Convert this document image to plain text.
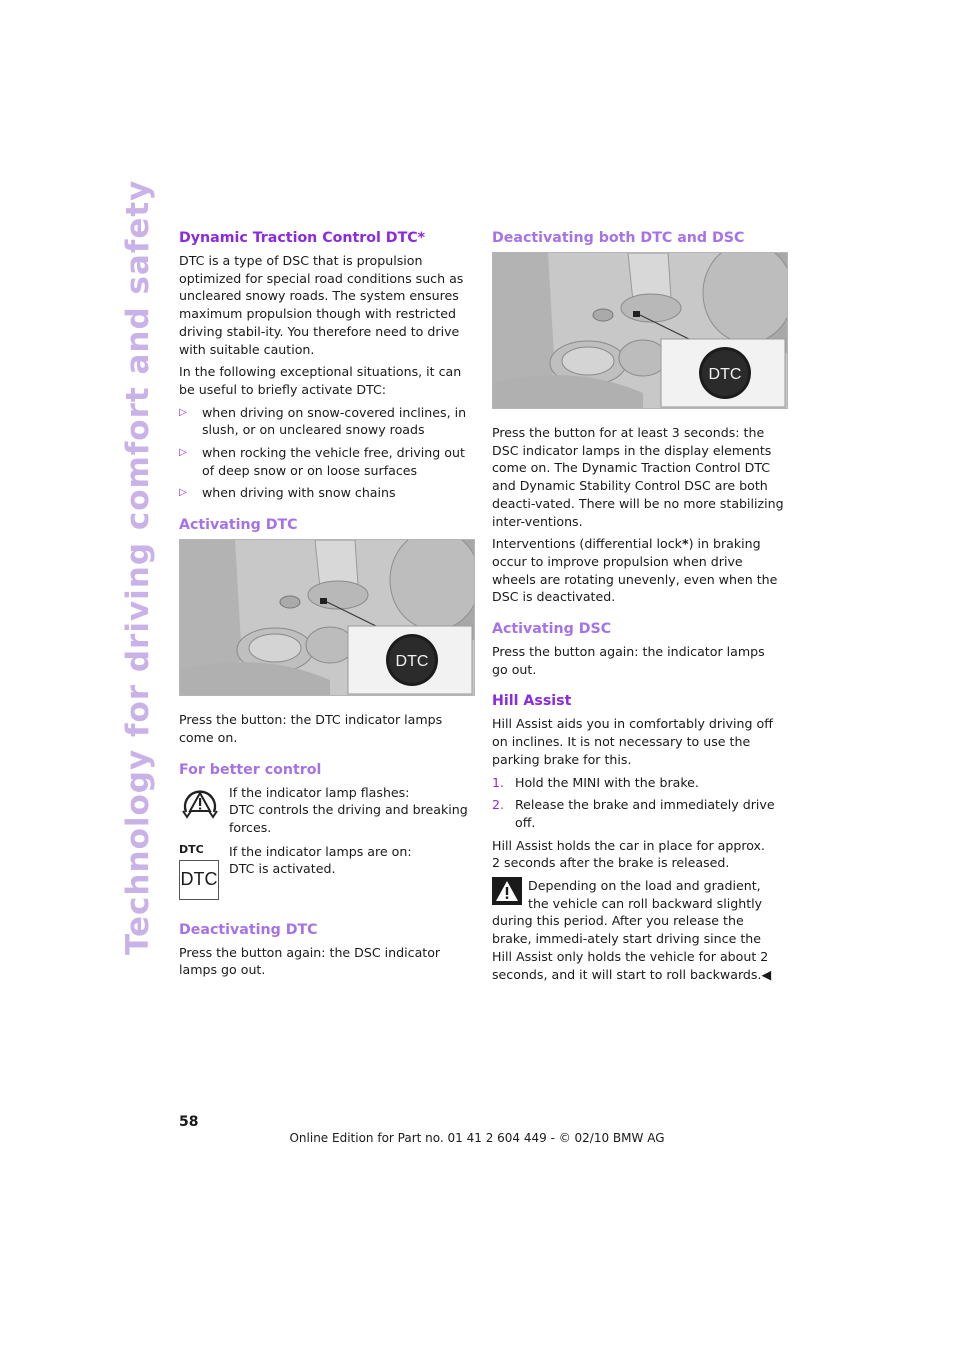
Technology for driving comfort and safety Dynamic Traction Control DTC*

DTC is a type of DSC that is propulsion optimized for special road conditions such as uncleared snowy roads. The system ensures maximum propulsion though with restricted driving stabil-ity. You therefore need to drive with suitable caution.

In the following exceptional situations, it can be useful to briefly activate DTC:

▷ when driving on snow-covered inclines, in slush, or on uncleared snowy roads
▷ when rocking the vehicle free, driving out of deep snow or on loose surfaces
▷ when driving with snow chains
Activating DTC
DTC

Press the button: the DTC indicator lamps come on.

For better control
If the indicator lamp flashes:
DTC controls the driving and breaking forces.
DTC
DTC
If the indicator lamps are on:
DTC is activated.
Deactivating DTC

Press the button again: the DSC indicator lamps go out.

Deactivating both DTC and DSC
DTC

Press the button for at least 3 seconds: the DSC indicator lamps in the display elements come on. The Dynamic Traction Control DTC and Dynamic Stability Control DSC are both deacti-vated. There will be no more stabilizing inter-ventions.

Interventions (differential lock*) in braking occur to improve propulsion when drive wheels are rotating unevenly, even when the DSC is deactivated.

Activating DSC

Press the button again: the indicator lamps go out.

Hill Assist

Hill Assist aids you in comfortably driving off on inclines. It is not necessary to use the parking brake for this.

1. Hold the MINI with the brake.
2. Release the brake and immediately drive off.

Hill Assist holds the car in place for approx.
2 seconds after the brake is released.

Depending on the load and gradient, the vehicle can roll backward slightly during this period. After you release the brake, immedi-ately start driving since the Hill Assist only holds the vehicle for about 2 seconds, and it will start to roll backwards.◀
58
Online Edition for Part no. 01 41 2 604 449 - © 02/10 BMW AG
